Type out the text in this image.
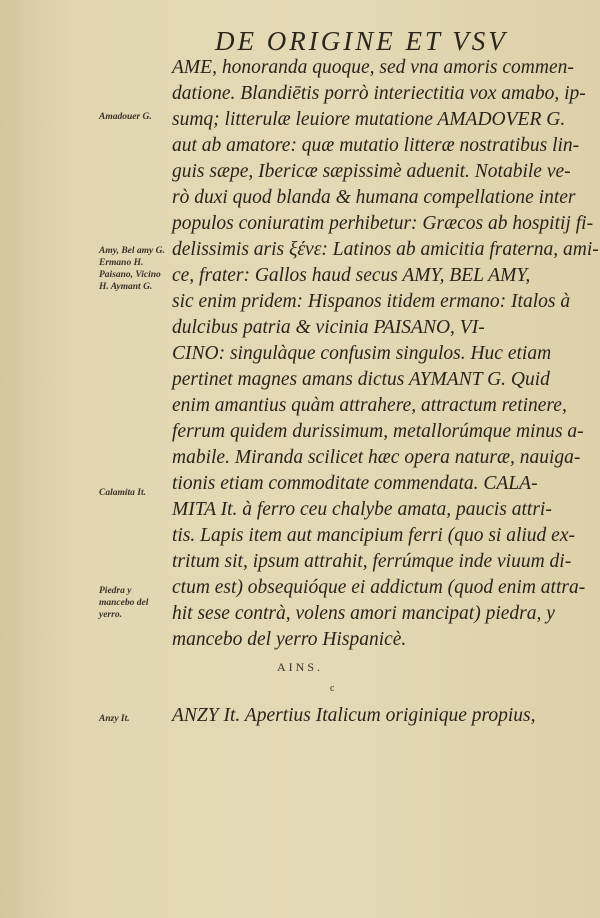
DE ORIGINE ET VSV
AME, honoranda quoque, sed vna amoris commen-
datione. Blandiētis porrò interiectitia vox amabo, ip-
sumq; litterulæ leuiore mutatione AMADOVER G.
aut ab amatore: quæ mutatio litteræ nostratibus lin-
guis sæpe, Ibericæ sæpissimè aduenit. Notabile ve-
rò duxi quod blanda & humana compellatione inter
populos coniuratim perhibetur: Græcos ab hospitij fi-
delissimis aris ξένε: Latinos ab amicitia fraterna, ami-
ce, frater: Gallos haud secus AMY, BEL AMY,
sic enim pridem: Hispanos itidem ermano: Italos à
dulcibus patria & vicinia PAISANO, VI-
CINO: singulàque confusim singulos. Huc etiam
pertinet magnes amans dictus AYMANT G. Quid
enim amantius quàm attrahere, attractum retinere,
ferrum quidem durissimum, metallorúmque minus a-
mabile. Miranda scilicet hæc opera naturæ, nauiga-
tionis etiam commoditate commendata. CALA-
MITA It. à ferro ceu chalybe amata, paucis attri-
tis. Lapis item aut mancipium ferri (quo si aliud ex-
tritum sit, ipsum attrahit, ferrúmque inde viuum di-
ctum est) obsequióque ei addictum (quod enim attra-
hit sese contrà, volens amori mancipat) piedra, y
mancebo del yerro Hispanicè.
Amadouer G.
Amy, Bel amy G. Ermano H. Paisano, Vicino H. Aymant G.
Calamita It.
Piedra y mancebo del yerro.
AINS.
c
Anzy It.	ANZY It. Apertius Italicum originique propius,
